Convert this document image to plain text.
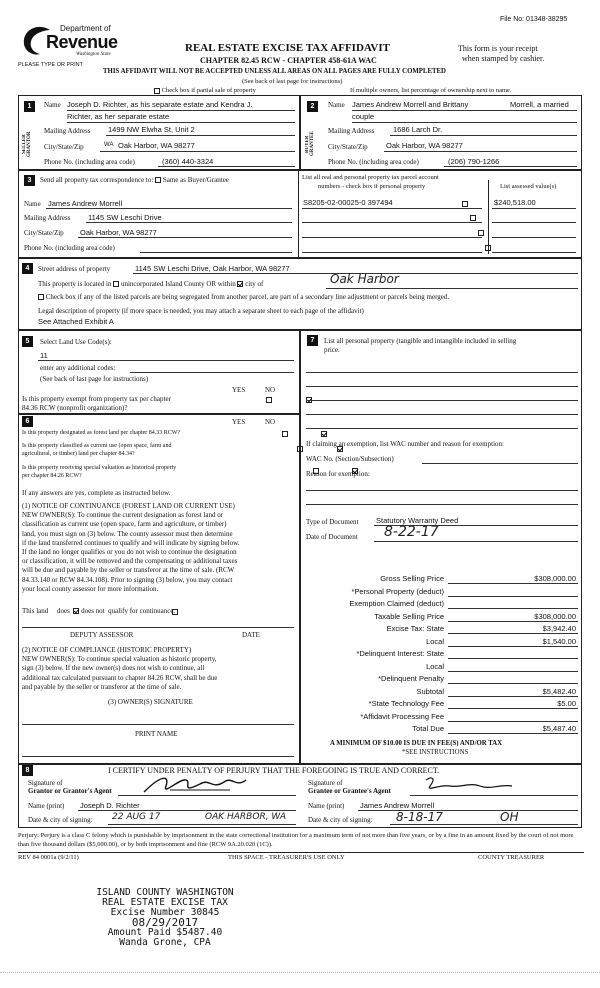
File No: 01348-38295
Department of
Revenue
Washington State
PLEASE TYPE OR PRINT
REAL ESTATE EXCISE TAX AFFIDAVIT
CHAPTER 82.45 RCW - CHAPTER 458-61A WAC
This form is your receipt
when stamped by cashier.
THIS AFFIDAVIT WILL NOT BE ACCEPTED UNLESS ALL AREAS ON ALL PAGES ARE FULLY COMPLETED
(See back of last page for instructions)
Check box if partial sale of property	If multiple owners, list percentage of ownership next to name.
1
SELLER GRANTOR
Name Joseph D. Richter, as his separate estate and Kendra J.
Richter, as her separate estate
Mailing Address 1499 NW Elwha St, Unit 2
City/State/Zip	WA Oak Harbor, WA 98277
Phone No. (including area code)	(360) 440-3324
2
BUYER GRANTEE
Name James Andrew Morrell and Brittany	Morrell, a married
couple
Mailing Address 1686 Larch Dr.
City/State/Zip Oak Harbor, WA 98277
Phone No. (including area code)	(206) 790-1266
3	Send all property tax correspondence to: Same as Buyer/Grantee
Name James Andrew Morrell
Mailing Address 1145 SW Leschi Drive
City/State/Zip Oak Harbor, WA 98277
Phone No. (including area code)
List all real and personal property tax parcel account
numbers - check box if personal property	List assessed value(s)
S8205-02-00025-0 397494	$240,518.00

4	Street address of property	1145 SW Leschi Drive, Oak Harbor, WA 98277
This property is located in unincorporated Island County OR within city of	Oak Harbor
Check box if any of the listed parcels are being segregated from another parcel, are part of a secondary line adjustment or parcels being merged.
Legal description of property (if more space is needed, you may attach a separate sheet to each page of the affidavit)
See Attached Exhibit A
5	Select Land Use Code(s):
11
enter any additional codes:
(See back of last page for instructions)
YES	NO
Is this property exempt from property tax per chapter
84.36 RCW (nonprofit organization)?

6	YES	NO
Is this property designated as forest land per chapter 84.33 RCW?

Is this property classified as current use (open space, farm and
agricultural, or timber) land per chapter 84.34?

Is this property receiving special valuation as historical property
per chapter 84.26 RCW?

If any answers are yes, complete as instructed below.
(1) NOTICE OF CONTINUANCE (FOREST LAND OR CURRENT USE)
NEW OWNER(S): To continue the current designation as forest land or
classification as current use (open space, farm and agriculture, or timber)
land, you must sign on (3) below. The county assessor must then determine
if the land transferred continues to qualify and will indicate by signing below.
If the land no longer qualifies or you do not wish to continue the designation
or classification, it will be removed and the compensating or additional taxes
will be due and payable by the seller or transferor at the time of sale. (RCW
84.33.140 or RCW 84.34.108). Prior to signing (3) below, you may contact
your local county assessor for more information.
This land does does not qualify for continuance.
DEPUTY ASSESSOR	DATE
(2) NOTICE OF COMPLIANCE (HISTORIC PROPERTY)
NEW OWNER(S): To continue special valuation as historic property,
sign (3) below. If the new owner(s) does not wish to continue, all
additional tax calculated pursuant to chapter 84.26 RCW, shall be due
and payable by the seller or transferor at the time of sale.
(3) OWNER(S) SIGNATURE
PRINT NAME
7	List all personal property (tangible and intangible included in selling
price.
If claiming an exemption, list WAC number and reason for exemption:
WAC No. (Section/Subsection)
Reason for exemption:
Type of Document Statutory Warranty Deed
Date of Document 8-22-17
Gross Selling Price	$308,000.00
*Personal Property (deduct)
Exemption Claimed (deduct)
Taxable Selling Price	$308,000.00
Excise Tax: State	$3,942.40
Local	$1,540.00
*Delinquent Interest: State
Local
*Delinquent Penalty
Subtotal	$5,482.40
*State Technology Fee	$5.00
*Affidavit Processing Fee
Total Due	$5,487.40
A MINIMUM OF $10.00 IS DUE IN FEE(S) AND/OR TAX
*SEE INSTRUCTIONS
8	I CERTIFY UNDER PENALTY OF PERJURY THAT THE FOREGOING IS TRUE AND CORRECT.
Signature of
Grantor or Grantor's Agent
Name (print) Joseph D. Richter
Date & city of signing: 22 AUG 17	OAK HARBOR, WA
Signature of
Grantee or Grantee's Agent
Name (print) James Andrew Morrell
Date & city of signing: 8-18-17	OH
Perjury: Perjury is a class C felony which is punishable by imprisonment in the state correctional institution for a maximum term of not more than five years, or by a fine in an amount fixed by the court of not more than five thousand dollars ($5,000.00), or by both imprisonment and fine (RCW 9A.20.020 (1C)).
REV 84 0001a (9/2/11)	THIS SPACE - TREASURER'S USE ONLY	COUNTY TREASURER
ISLAND COUNTY WASHINGTON
REAL ESTATE EXCISE TAX
Excise Number 30845
08/29/2017
Amount Paid $5487.40
Wanda Grone, CPA
